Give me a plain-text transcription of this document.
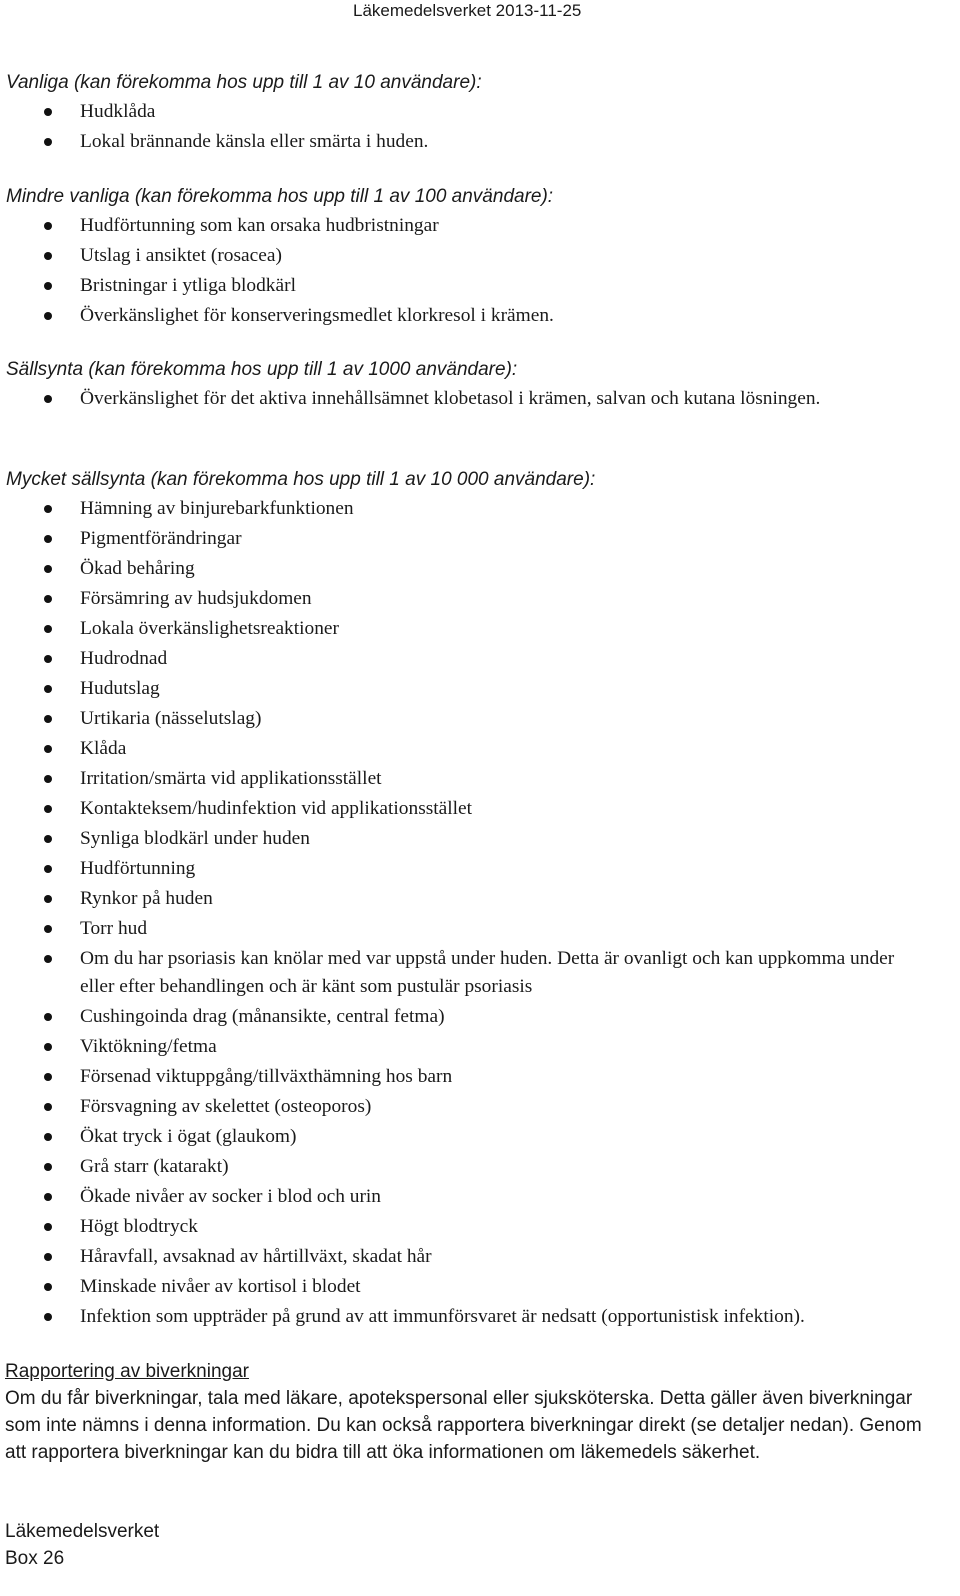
Läkemedelsverket 2013-11-25
Vanliga (kan förekomma hos upp till 1 av 10 användare):
Hudklåda
Lokal brännande känsla eller smärta i huden.
Mindre vanliga (kan förekomma hos upp till 1 av 100 användare):
Hudförtunning som kan orsaka hudbristningar
Utslag i ansiktet (rosacea)
Bristningar i ytliga blodkärl
Överkänslighet för konserveringsmedlet klorkresol i krämen.
Sällsynta (kan förekomma hos upp till 1 av 1000 användare):
Överkänslighet för det aktiva innehållsämnet klobetasol i krämen, salvan och kutana lösningen.
Mycket sällsynta (kan förekomma hos upp till 1 av 10 000 användare):
Hämning av binjurebarkfunktionen
Pigmentförändringar
Ökad behåring
Försämring av hudsjukdomen
Lokala överkänslighetsreaktioner
Hudrodnad
Hudutslag
Urtikaria (nässelutslag)
Klåda
Irritation/smärta vid applikationsstället
Kontakteksem/hudinfektion vid applikationsstället
Synliga blodkärl under huden
Hudförtunning
Rynkor på huden
Torr hud
Om du har psoriasis kan knölar med var uppstå under huden. Detta är ovanligt och kan uppkomma under eller efter behandlingen och är känt som pustulär psoriasis
Cushingoinda drag (månansikte, central fetma)
Viktökning/fetma
Försenad viktuppgång/tillväxthämning hos barn
Försvagning av skelettet (osteoporos)
Ökat tryck i ögat (glaukom)
Grå starr (katarakt)
Ökade nivåer av socker i blod och urin
Högt blodtryck
Håravfall, avsaknad av hårtillväxt, skadat hår
Minskade nivåer av kortisol i blodet
Infektion som uppträder på grund av att immunförsvaret är nedsatt (opportunistisk infektion).
Rapportering av biverkningar
Om du får biverkningar, tala med läkare, apotekspersonal eller sjuksköterska. Detta gäller även biverkningar som inte nämns i denna information. Du kan också rapportera biverkningar direkt (se detaljer nedan). Genom att rapportera biverkningar kan du bidra till att öka informationen om läkemedels säkerhet.
Läkemedelsverket
Box 26
